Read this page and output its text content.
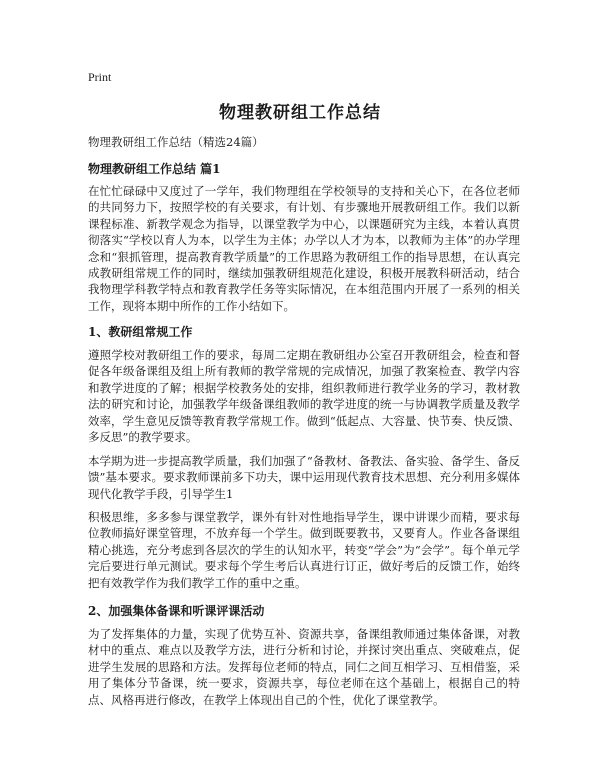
Print
物理教研组工作总结
物理教研组工作总结（精选24篇）
物理教研组工作总结 篇1

在忙忙碌碌中又度过了一学年，我们物理组在学校领导的支持和关心下，在各位老师的共同努力下，按照学校的有关要求，有计划、有步骤地开展教研组工作。我们以新课程标准、新教学观念为指导，以课堂教学为中心，以课题研究为主线，本着认真贯彻落实“学校以育人为本，以学生为主体；办学以人才为本，以教师为主体”的办学理念和“狠抓管理，提高教育教学质量”的工作思路为教研组工作的指导思想，在认真完成教研组常规工作的同时，继续加强教研组规范化建设，积极开展教科研活动，结合我物理学科教学特点和教育教学任务等实际情况，在本组范围内开展了一系列的相关工作，现将本期中所作的工作小结如下。

1、教研组常规工作

遵照学校对教研组工作的要求，每周二定期在教研组办公室召开教研组会，检查和督促各年级备课组及组上所有教师的教学常规的完成情况，加强了教案检查、教学内容和教学进度的了解；根据学校教务处的安排，组织教师进行教学业务的学习，教材教法的研究和讨论，加强教学年级备课组教师的教学进度的统一与协调教学质量及教学效率，学生意见反馈等教育教学常规工作。做到“低起点、大容量、快节奏、快反馈、多反思”的教学要求。

本学期为进一步提高教学质量，我们加强了“备教材、备教法、备实验、备学生、备反馈”基本要求。要求教师课前多下功夫，课中运用现代教育技术思想、充分利用多媒体现代化教学手段，引导学生1

积极思维，多多参与课堂教学，课外有针对性地指导学生，课中讲课少而精，要求每位教师搞好课堂管理，不放弃每一个学生。做到既要教书，又要育人。作业各备课组精心挑选，充分考虑到各层次的学生的认知水平，转变“学会”为“会学”。每个单元学完后要进行单元测试。要求每个学生考后认真进行订正，做好考后的反馈工作，始终把有效教学作为我们教学工作的重中之重。

2、加强集体备课和听课评课活动

为了发挥集体的力量，实现了优势互补、资源共享，备课组教师通过集体备课，对教材中的重点、难点以及教学方法，进行分析和讨论，并探讨突出重点、突破难点，促进学生发展的思路和方法。发挥每位老师的特点，同仁之间互相学习、互相借鉴，采用了集体分节备课，统一要求，资源共享，每位老师在这个基础上，根据自己的特点、风格再进行修改，在教学上体现出自己的个性，优化了课堂教学。
